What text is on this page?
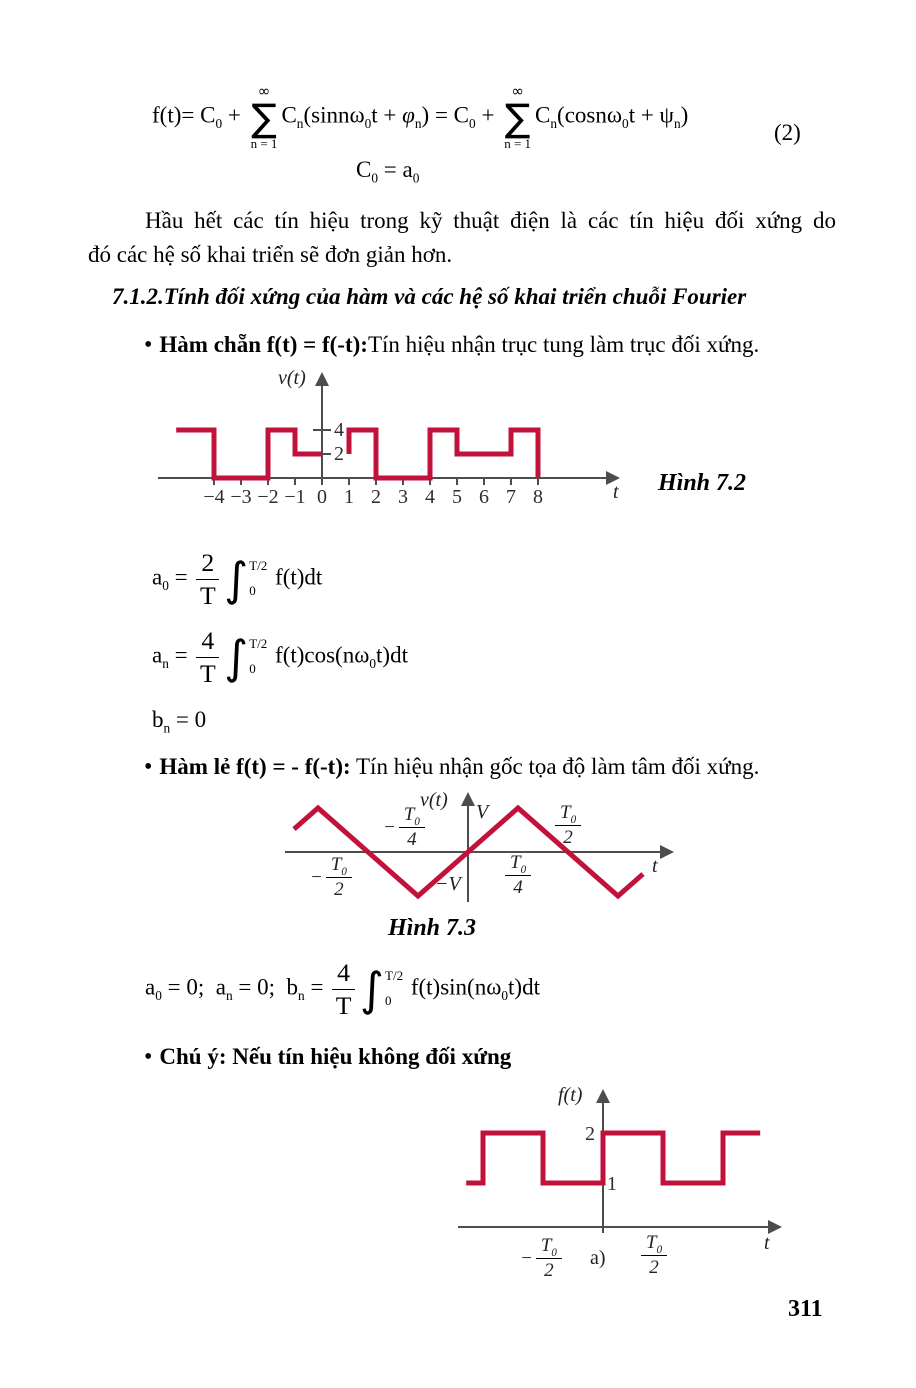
$f(t)= C_0$ +
∞
∑
n = 1
$C_n(\sin n\omega_0t + \varphi_n) = C_0$ +
∞
∑
n = 1
$C_n(\cos n\omega_0t + \psi_n)$
(2)
$C_0 = a_0$
Hầu hết các tín hiệu trong kỹ thuật điện là các tín hiệu đối xứng do
đó các hệ số khai triển sẽ đơn giản hơn.
7.1.2.Tính đối xứng của hàm và các hệ số khai triển chuỗi Fourier
• Hàm chẵn f(t) = f(-t):Tín hiệu nhận trục tung làm trục đối xứng.
v(t)
4
2
t
−4 −3 −2 −1 0 1 2 3 4 5 6 7 8
Hình 7.2
$a_0 = \frac{2}{T}$ ∫ T/2
0
f(t)dt
$a_n = \frac{4}{T}$ ∫ T/2
0
$f(t)\cos(n\omega_0t)dt$
$b_n = 0$
• Hàm lẻ f(t) = - f(-t): Tín hiệu nhận gốc tọa độ làm tâm đối xứng.
v(t)
V
−V
− $\frac{T_0}{4}$
− $\frac{T_0}{2}$	$\frac{T_0}{4}$
$\frac{T_0}{2}$
t
Hình 7.3
$a_0 = 0$;  $a_n = 0$;  $b_n = \frac{4}{T}$ ∫ T/2
0
$f(t)\sin(n\omega_0t)dt$
• Chú ý: Nếu tín hiệu không đối xứng
f(t)
2
1
− $\frac{T_0}{2} a) \frac{T_0}{2}$	t
311
